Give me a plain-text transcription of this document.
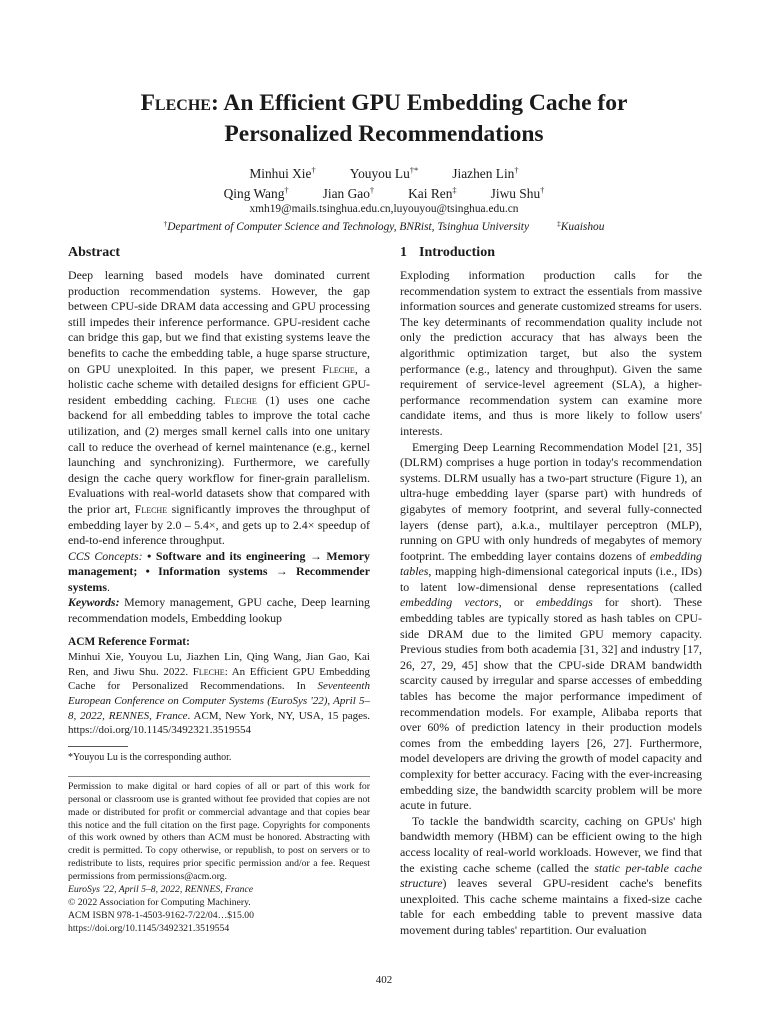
Fleche: An Efficient GPU Embedding Cache for
Personalized Recommendations
Minhui Xie†	Youyou Lu†*	Jiazhen Lin†
Qing Wang†	Jian Gao†	Kai Ren‡	Jiwu Shu†
xmh19@mails.tsinghua.edu.cn,luyouyou@tsinghua.edu.cn
†Department of Computer Science and Technology, BNRist, Tsinghua University	‡Kuaishou
Abstract

Deep learning based models have dominated current production recommendation systems. However, the gap between CPU-side DRAM data accessing and GPU processing still impedes their inference performance. GPU-resident cache can bridge this gap, but we find that existing systems leave the benefits to cache the embedding table, a huge sparse structure, on GPU unexploited. In this paper, we present Fleche, a holistic cache scheme with detailed designs for efficient GPU-resident embedding caching. Fleche (1) uses one cache backend for all embedding tables to improve the total cache utilization, and (2) merges small kernel calls into one unitary call to reduce the overhead of kernel maintenance (e.g., kernel launching and synchronizing). Furthermore, we carefully design the cache query workflow for finer-grain parallelism. Evaluations with real-world datasets show that compared with the prior art, Fleche significantly improves the throughput of embedding layer by 2.0 – 5.4×, and gets up to 2.4× speedup of end-to-end inference throughput.

CCS Concepts: • Software and its engineering → Memory management; • Information systems → Recommender systems.

Keywords: Memory management, GPU cache, Deep learning recommendation models, Embedding lookup

ACM Reference Format:

Minhui Xie, Youyou Lu, Jiazhen Lin, Qing Wang, Jian Gao, Kai Ren, and Jiwu Shu. 2022. Fleche: An Efficient GPU Embedding Cache for Personalized Recommendations. In Seventeenth European Conference on Computer Systems (EuroSys '22), April 5–8, 2022, RENNES, France. ACM, New York, NY, USA, 15 pages. https://doi.org/10.1145/3492321.3519554

*Youyou Lu is the corresponding author.

Permission to make digital or hard copies of all or part of this work for personal or classroom use is granted without fee provided that copies are not made or distributed for profit or commercial advantage and that copies bear this notice and the full citation on the first page. Copyrights for components of this work owned by others than ACM must be honored. Abstracting with credit is permitted. To copy otherwise, or republish, to post on servers or to redistribute to lists, requires prior specific permission and/or a fee. Request permissions from permissions@acm.org.

EuroSys '22, April 5–8, 2022, RENNES, France
© 2022 Association for Computing Machinery.
ACM ISBN 978-1-4503-9162-7/22/04…$15.00
https://doi.org/10.1145/3492321.3519554
1 Introduction

Exploding information production calls for the recommendation system to extract the essentials from massive information sources and generate customized streams for users. The key determinants of recommendation quality include not only the prediction accuracy that has always been the algorithmic optimization target, but also the system performance (e.g., latency and throughput). Given the same requirement of service-level agreement (SLA), a higher-performance recommendation system can examine more candidate items, and thus is more likely to follow users' interests.

Emerging Deep Learning Recommendation Model [21, 35] (DLRM) comprises a huge portion in today's recommendation systems. DLRM usually has a two-part structure (Figure 1), an ultra-huge embedding layer (sparse part) with hundreds of gigabytes of memory footprint, and several fully-connected layers (dense part), a.k.a., multilayer perceptron (MLP), running on GPU with only hundreds of megabytes of memory footprint. The embedding layer contains dozens of embedding tables, mapping high-dimensional categorical inputs (i.e., IDs) to latent low-dimensional dense representations (called embedding vectors, or embeddings for short). These embedding tables are typically stored as hash tables on CPU-side DRAM due to the limited GPU memory capacity. Previous studies from both academia [31, 32] and industry [17, 26, 27, 29, 45] show that the CPU-side DRAM bandwidth scarcity caused by irregular and sparse accesses of embedding tables has become the major performance impediment of recommendation models. For example, Alibaba reports that over 60% of prediction latency in their production models comes from the embedding layers [26, 27]. Furthermore, model developers are driving the growth of model capacity and complexity for better accuracy. Facing with the ever-increasing embedding size, the bandwidth scarcity problem will be more acute in future.

To tackle the bandwidth scarcity, caching on GPUs' high bandwidth memory (HBM) can be efficient owing to the high access locality of real-world workloads. However, we find that the existing cache scheme (called the static per-table cache structure) leaves several GPU-resident cache's benefits unexploited. This cache scheme maintains a fixed-size cache table for each embedding table to prevent massive data movement during tables' repartition. Our evaluation

402
